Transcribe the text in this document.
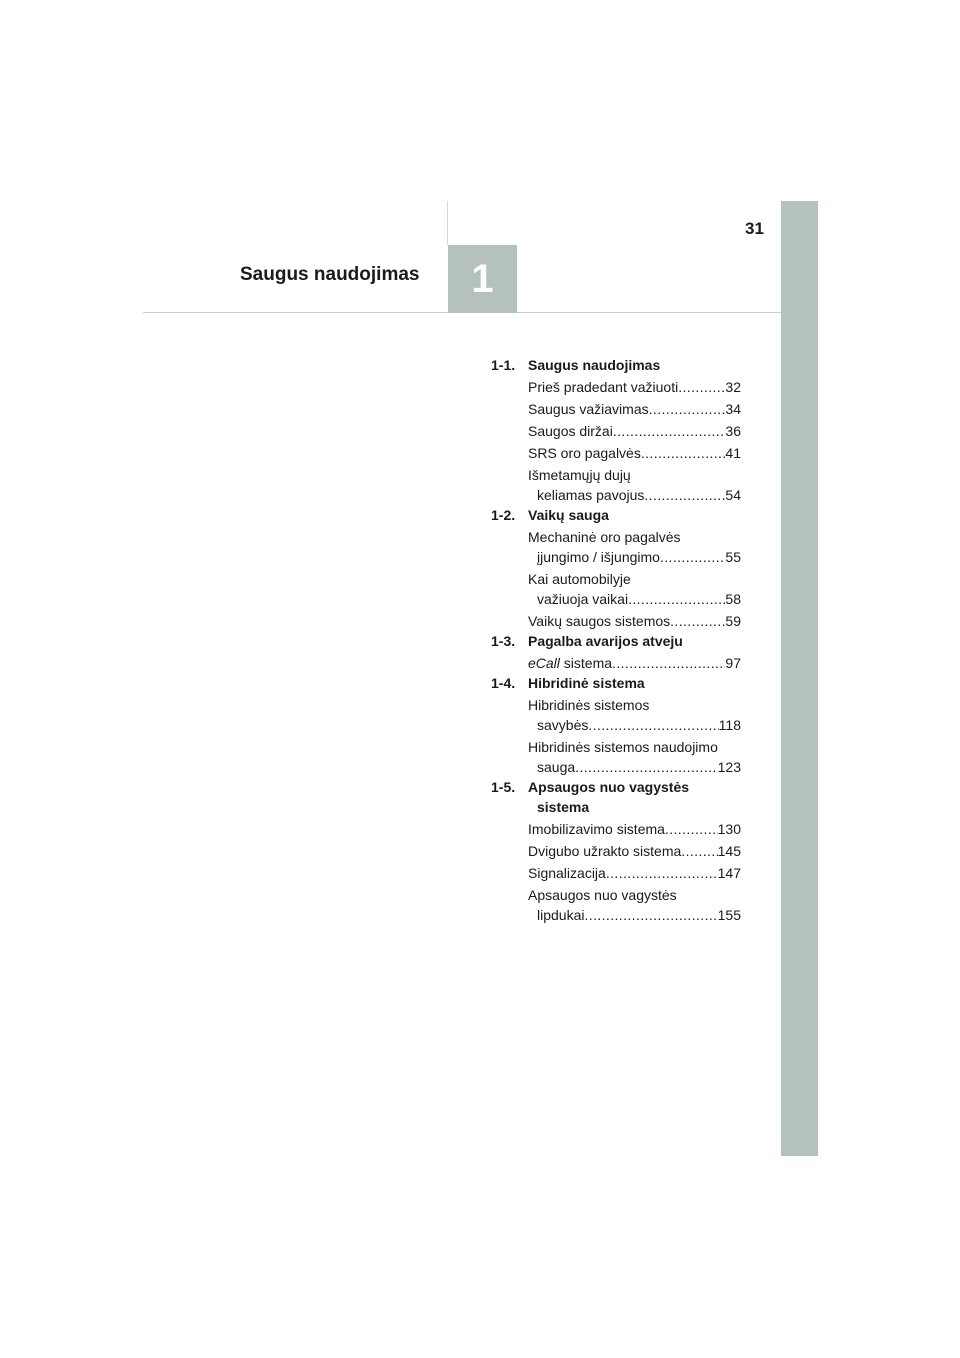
Saugus naudojimas	1
31
1-1. Saugus naudojimas
Prieš pradedant važiuoti .....	32
Saugus važiavimas .....	34
Saugos diržai .....	36
SRS oro pagalvės .....	41
Išmetamųjų dujų
keliamas pavojus .....	54
1-2. Vaikų sauga
Mechaninė oro pagalvės
įjungimo / išjungimo .....	55
Kai automobilyje
važiuoja vaikai .....	58
Vaikų saugos sistemos .....	59
1-3. Pagalba avarijos atveju
eCall sistema .....	97
1-4. Hibridinė sistema
Hibridinės sistemos
savybės .....	118
Hibridinės sistemos naudojimo
sauga .....	123
1-5. Apsaugos nuo vagystės
sistema
Imobilizavimo sistema .....	130
Dvigubo užrakto sistema .....	145
Signalizacija .....	147
Apsaugos nuo vagystės
lipdukai .....	155
